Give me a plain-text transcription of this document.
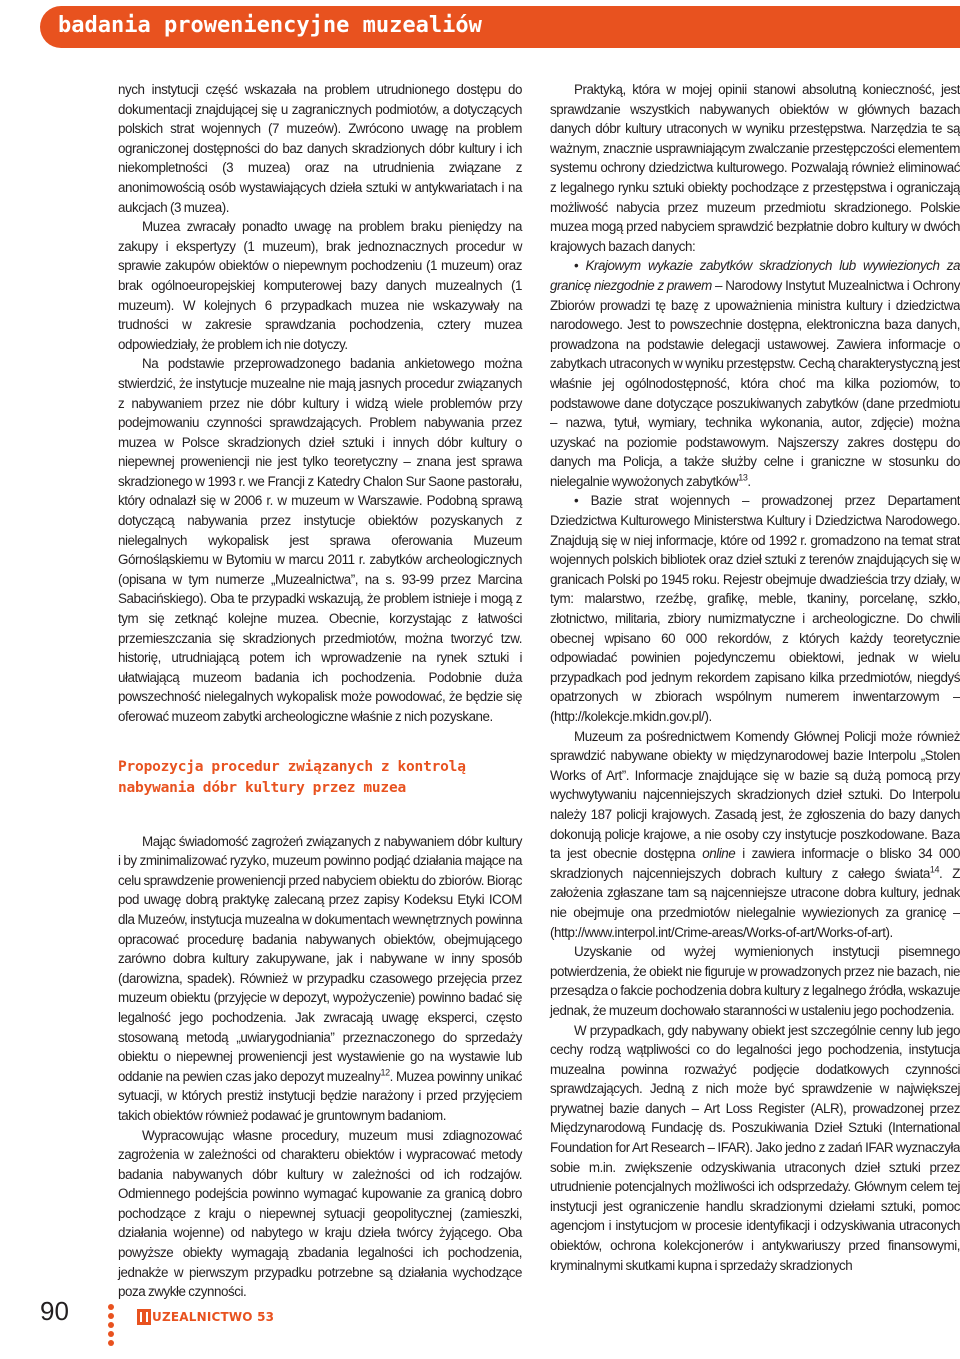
badania proweniencyjne muzealiów

nych instytucji część wskazała na problem utrudnionego dostępu do dokumentacji znajdującej się u zagranicznych podmiotów, a dotyczących polskich strat wojennych (7 muzeów). Zwrócono uwagę na problem ograniczonej dostępności do baz danych skradzionych dóbr kultury i ich niekompletności (3 muzea) oraz na utrudnienia związane z anonimowością osób wystawiających dzieła sztuki w antykwariatach i na aukcjach (3 muzea).

Muzea zwracały ponadto uwagę na problem braku pieniędzy na zakupy i ekspertyzy (1 muzeum), brak jednoznacznych procedur w sprawie zakupów obiektów o niepewnym pochodzeniu (1 muzeum) oraz brak ogólnoeuropejskiej komputerowej bazy danych muzealnych (1 muzeum). W kolejnych 6 przypadkach muzea nie wskazywały na trudności w zakresie sprawdzania pochodzenia, cztery muzea odpowiedziały, że problem ich nie dotyczy.

Na podstawie przeprowadzonego badania ankietowego można stwierdzić, że instytucje muzealne nie mają jasnych procedur związanych z nabywaniem przez nie dóbr kultury i widzą wiele problemów przy podejmowaniu czynności sprawdzających. Problem nabywania przez muzea w Polsce skradzionych dzieł sztuki i innych dóbr kultury o niepewnej proweniencji nie jest tylko teoretyczny – znana jest sprawa skradzionego w 1993 r. we Francji z Katedry Chalon Sur Saone pastorału, który odnalazł się w 2006 r. w muzeum w Warszawie. Podobną sprawą dotyczącą nabywania przez instytucje obiektów pozyskanych z nielegalnych wykopalisk jest sprawa oferowania Muzeum Górnośląskiemu w Bytomiu w marcu 2011 r. zabytków archeologicznych (opisana w tym numerze „Muzealnictwa”, na s. 93-99 przez Marcina Sabacińskiego). Oba te przypadki wskazują, że problem istnieje i mogą z tym się zetknąć kolejne muzea. Obecnie, korzystając z łatwości przemieszczania się skradzionych przedmiotów, można tworzyć tzw. historię, utrudniającą potem ich wprowadzenie na rynek sztuki i ułatwiającą muzeom badania ich pochodzenia. Podobnie duża powszechność nielegalnych wykopalisk może powodować, że będzie się oferować muzeom zabytki archeologiczne właśnie z nich pozyskane.

Propozycja procedur związanych z kontrolą nabywania dóbr kultury przez muzea

Mając świadomość zagrożeń związanych z nabywaniem dóbr kultury i by zminimalizować ryzyko, muzeum powinno podjąć działania mające na celu sprawdzenie proweniencji przed nabyciem obiektu do zbiorów. Biorąc pod uwagę dobrą praktykę zalecaną przez zapisy Kodeksu Etyki ICOM dla Muzeów, instytucja muzealna w dokumentach wewnętrznych powinna opracować procedurę badania nabywanych obiektów, obejmującego zarówno dobra kultury zakupywane, jak i nabywane w inny sposób (darowizna, spadek). Również w przypadku czasowego przejęcia przez muzeum obiektu (przyjęcie w depozyt, wypożyczenie) powinno badać się legalność jego pochodzenia. Jak zwracają uwagę eksperci, często stosowaną metodą „uwiarygodniania” przeznaczonego do sprzedaży obiektu o niepewnej proweniencji jest wystawienie go na wystawie lub oddanie na pewien czas jako depozyt muzealny$^{12}$. Muzea powinny unikać sytuacji, w których prestiż instytucji będzie narażony i przed przyjęciem takich obiektów również podawać je gruntownym badaniom.

Wypracowując własne procedury, muzeum musi zdiagnozować zagrożenia w zależności od charakteru obiektów i wypracować metody badania nabywanych dóbr kultury w zależności od ich rodzajów. Odmiennego podejścia powinno wymagać kupowanie za granicą dobro pochodzące z kraju o niepewnej sytuacji geopolitycznej (zamieszki, działania wojenne) od nabytego w kraju dzieła twórcy żyjącego. Oba powyższe obiekty wymagają zbadania legalności ich pochodzenia, jednakże w pierwszym przypadku potrzebne są działania wychodzące poza zwykłe czynności.

Praktyką, która w mojej opinii stanowi absolutną konieczność, jest sprawdzanie wszystkich nabywanych obiektów w głównych bazach danych dóbr kultury utraconych w wyniku przestępstwa. Narzędzia te są ważnym, znacznie usprawniającym zwalczanie przestępczości elementem systemu ochrony dziedzictwa kulturowego. Pozwalają również eliminować z legalnego rynku sztuki obiekty pochodzące z przestępstwa i ograniczają możliwość nabycia przez muzeum przedmiotu skradzionego. Polskie muzea mogą przed nabyciem sprawdzić bezpłatnie dobro kultury w dwóch krajowych bazach danych:

• Krajowym wykazie zabytków skradzionych lub wywiezionych za granicę niezgodnie z prawem – Narodowy Instytut Muzealnictwa i Ochrony Zbiorów prowadzi tę bazę z upoważnienia ministra kultury i dziedzictwa narodowego. Jest to powszechnie dostępna, elektroniczna baza danych, prowadzona na podstawie delegacji ustawowej. Zawiera informacje o zabytkach utraconych w wyniku przestępstw. Cechą charakterystyczną jest właśnie jej ogólnodostępność, która choć ma kilka poziomów, to podstawowe dane dotyczące poszukiwanych zabytków (dane przedmiotu – nazwa, tytuł, wymiary, technika wykonania, autor, zdjęcie) można uzyskać na poziomie podstawowym. Najszerszy zakres dostępu do danych ma Policja, a także służby celne i graniczne w stosunku do nielegalnie wywożonych zabytków$^{13}$.

• Bazie strat wojennych – prowadzonej przez Departament Dziedzictwa Kulturowego Ministerstwa Kultury i Dziedzictwa Narodowego. Znajdują się w niej informacje, które od 1992 r. gromadzono na temat strat wojennych polskich bibliotek oraz dzieł sztuki z terenów znajdujących się w granicach Polski po 1945 roku. Rejestr obejmuje dwadzieścia trzy działy, w tym: malarstwo, rzeźbę, grafikę, meble, tkaniny, porcelanę, szkło, złotnictwo, militaria, zbiory numizmatyczne i archeologiczne. Do chwili obecnej wpisano 60 000 rekordów, z których każdy teoretycznie odpowiadać powinien pojedynczemu obiektowi, jednak w wielu przypadkach pod jednym rekordem zapisano kilka przedmiotów, niegdyś opatrzonych w zbiorach wspólnym numerem inwentarzowym – (http://kolekcje.mkidn.gov.pl/).

Muzeum za pośrednictwem Komendy Głównej Policji może również sprawdzić nabywane obiekty w międzynarodowej bazie Interpolu „Stolen Works of Art”. Informacje znajdujące się w bazie są dużą pomocą przy wychwytywaniu najcenniejszych skradzionych dzieł sztuki. Do Interpolu należy 187 policji krajowych. Zasadą jest, że zgłoszenia do bazy danych dokonują policje krajowe, a nie osoby czy instytucje poszkodowane. Baza ta jest obecnie dostępna online i zawiera informacje o blisko 34 000 skradzionych najcenniejszych dobrach kultury z całego świata$^{14}$. Z założenia zgłaszane tam są najcenniejsze utracone dobra kultury, jednak nie obejmuje ona przedmiotów nielegalnie wywiezionych za granicę – (http://www.interpol.int/Crime-areas/Works-of-art/Works-of-art).

Uzyskanie od wyżej wymienionych instytucji pisemnego potwierdzenia, że obiekt nie figuruje w prowadzonych przez nie bazach, nie przesądza o fakcie pochodzenia dobra kultury z legalnego źródła, wskazuje jednak, że muzeum dochowało staranności w ustaleniu jego pochodzenia.

W przypadkach, gdy nabywany obiekt jest szczególnie cenny lub jego cechy rodzą wątpliwości co do legalności jego pochodzenia, instytucja muzealna powinna rozważyć podjęcie dodatkowych czynności sprawdzających. Jedną z nich może być sprawdzenie w największej prywatnej bazie danych – Art Loss Register (ALR), prowadzonej przez Międzynarodową Fundację ds. Poszukiwania Dzieł Sztuki (International Foundation for Art Research – IFAR). Jako jedno z zadań IFAR wyznaczyła sobie m.in. zwiększenie odzyskiwania utraconych dzieł sztuki przez utrudnienie potencjalnych możliwości ich odsprzedaży. Głównym celem tej instytucji jest ograniczenie handlu skradzionymi dziełami sztuki, pomoc agencjom i instytucjom w procesie identyfikacji i odzyskiwania utraconych obiektów, ochrona kolekcjonerów i antykwariuszy przed finansowymi, kryminalnymi skutkami kupna i sprzedaży skradzionych

90	UZEALNICTWO 53
